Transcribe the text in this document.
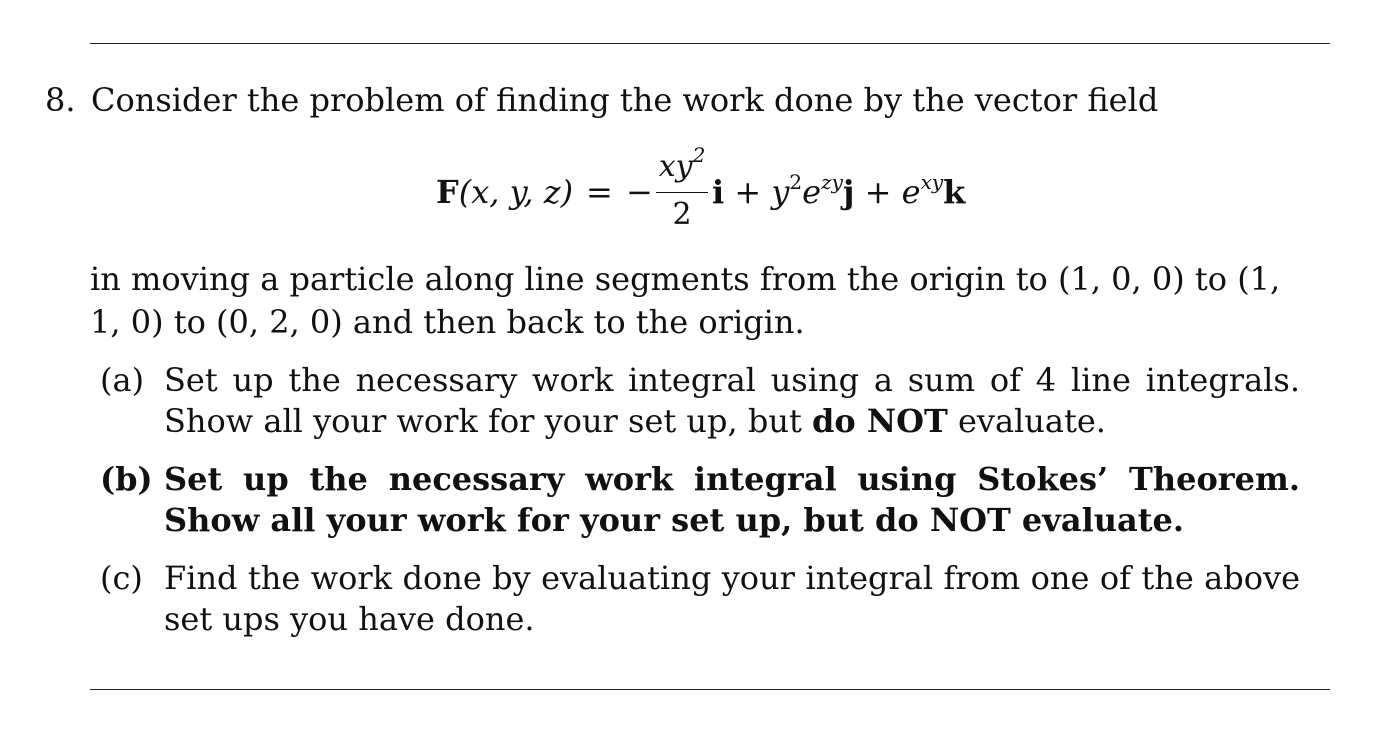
8. Consider the problem of finding the work done by the vector field
F(x, y, z) = −
$xy^2$
2
$i + y^2e^{zy}j + e^{xy}k$
in moving a particle along line segments from the origin to (1, 0, 0) to (1, 1, 0) to (0, 2, 0) and then back to the origin.
(a) Set up the necessary work integral using a sum of 4 line integrals. Show all your work for your set up, but do NOT evaluate.
(b) Set up the necessary work integral using Stokes’ Theorem. Show all your work for your set up, but do NOT evaluate.
(c) Find the work done by evaluating your integral from one of the above set ups you have done.
